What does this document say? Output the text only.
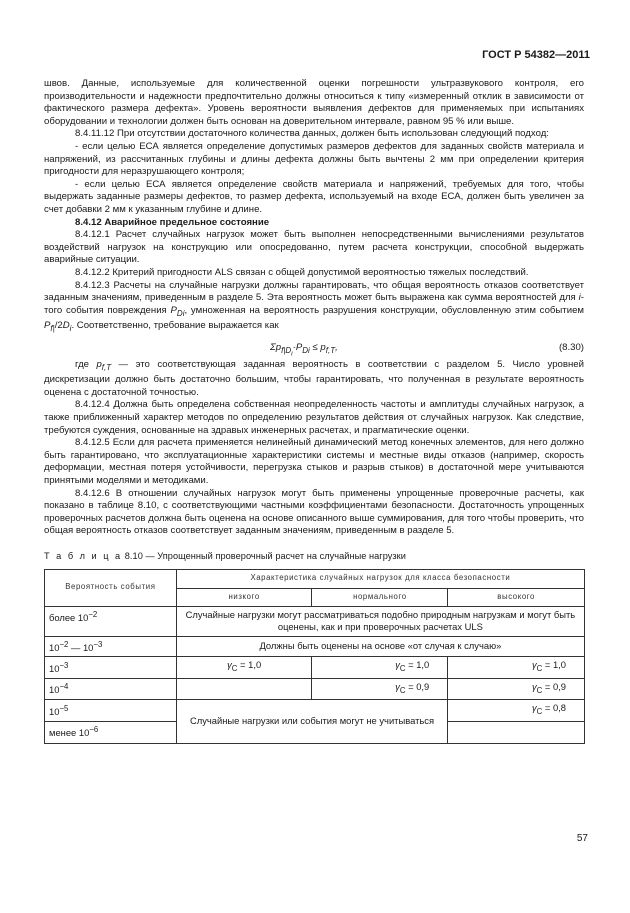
ГОСТ Р 54382—2011

швов. Данные, используемые для количественной оценки погрешности ультразвукового контроля, его производительности и надежности предпочтительно должны относиться к типу «измеренный отклик в зависимости от фактического размера дефекта». Уровень вероятности выявления дефектов для применяемых при испытаниях оборудовании и технологии должен быть основан на доверительном интервале, равном 95 % или выше.

8.4.11.12 При отсутствии достаточного количества данных, должен быть использован следующий подход:

- если целью ЕСА является определение допустимых размеров дефектов для заданных свойств материала и напряжений, из рассчитанных глубины и длины дефекта должны быть вычтены 2 мм при определении критерия пригодности для неразрушающего контроля;

- если целью ЕСА является определение свойств материала и напряжений, требуемых для того, чтобы выдержать заданные размеры дефектов, то размер дефекта, используемый на входе ЕСА, должен быть увеличен за счет добавки 2 мм к указанным глубине и длине.

8.4.12 Аварийное предельное состояние

8.4.12.1 Расчет случайных нагрузок может быть выполнен непосредственными вычислениями результатов воздействий нагрузок на конструкцию или опосредованно, путем расчета конструкции, способной выдержать аварийные ситуации.

8.4.12.2 Критерий пригодности ALS связан с общей допустимой вероятностью тяжелых последствий.

8.4.12.3 Расчеты на случайные нагрузки должны гарантировать, что общая вероятность отказов соответствует заданным значениям, приведенным в разделе 5. Эта вероятность может быть выражена как сумма вероятностей для i-того события повреждения $P_{Di}$, умноженная на вероятность разрушения конструкции, обусловленную этим событием $P_{f|}/2D_i$. Соответственно, требование выражается как

$\Sigma p_{f|D_i}\cdot P_{Di} \le p_{f,T}$,	(8.30)

где $p_{f,T}$ — это соответствующая заданная вероятность в соответствии с разделом 5. Число уровней дискретизации должно быть достаточно большим, чтобы гарантировать, что полученная в результате вероятность оценена с достаточной точностью.

8.4.12.4 Должна быть определена собственная неопределенность частоты и амплитуды случайных нагрузок, а также приближенный характер методов по определению результатов действия от случайных нагрузок. Как следствие, требуются суждения, основанные на здравых инженерных расчетах, и прагматические оценки.

8.4.12.5 Если для расчета применяется нелинейный динамический метод конечных элементов, для него должно быть гарантировано, что эксплуатационные характеристики системы и местные виды отказов (например, скорость деформации, местная потеря устойчивости, перегрузка стыков и разрыв стыков) в достаточной мере учитываются принятыми моделями и методиками.

8.4.12.6 В отношении случайных нагрузок могут быть применены упрощенные проверочные расчеты, как показано в таблице 8.10, с соответствующими частными коэффициентами безопасности. Достаточность упрощенных проверочных расчетов должна быть оценена на основе описанного выше суммирования, для того чтобы проверить, что общая вероятность отказов соответствует заданным значениям, приведенным в разделе 5.

Т а б л и ц а 8.10 — Упрощенный проверочный расчет на случайные нагрузки
Вероятность события	Характеристика случайных нагрузок для класса безопасности		
	низкого	нормального	высокого
более $10^{-2}$	Случайные нагрузки могут рассматриваться подобно природным нагрузкам и могут быть оценены, как и при проверочных расчетах ULS		
$10^{-2}$ — $10^{-3}$	Должны быть оценены на основе «от случая к случаю»		
$10^{-3}$	$\gamma_C = 1,0$	$\gamma_C = 1,0$	$\gamma_C = 1,0$
$10^{-4}$		$\gamma_C = 0,9$	$\gamma_C = 0,9$
$10^{-5}$	Случайные нагрузки или события могут не учитываться		$\gamma_C = 0,8$
менее $10^{-6}$	
57
